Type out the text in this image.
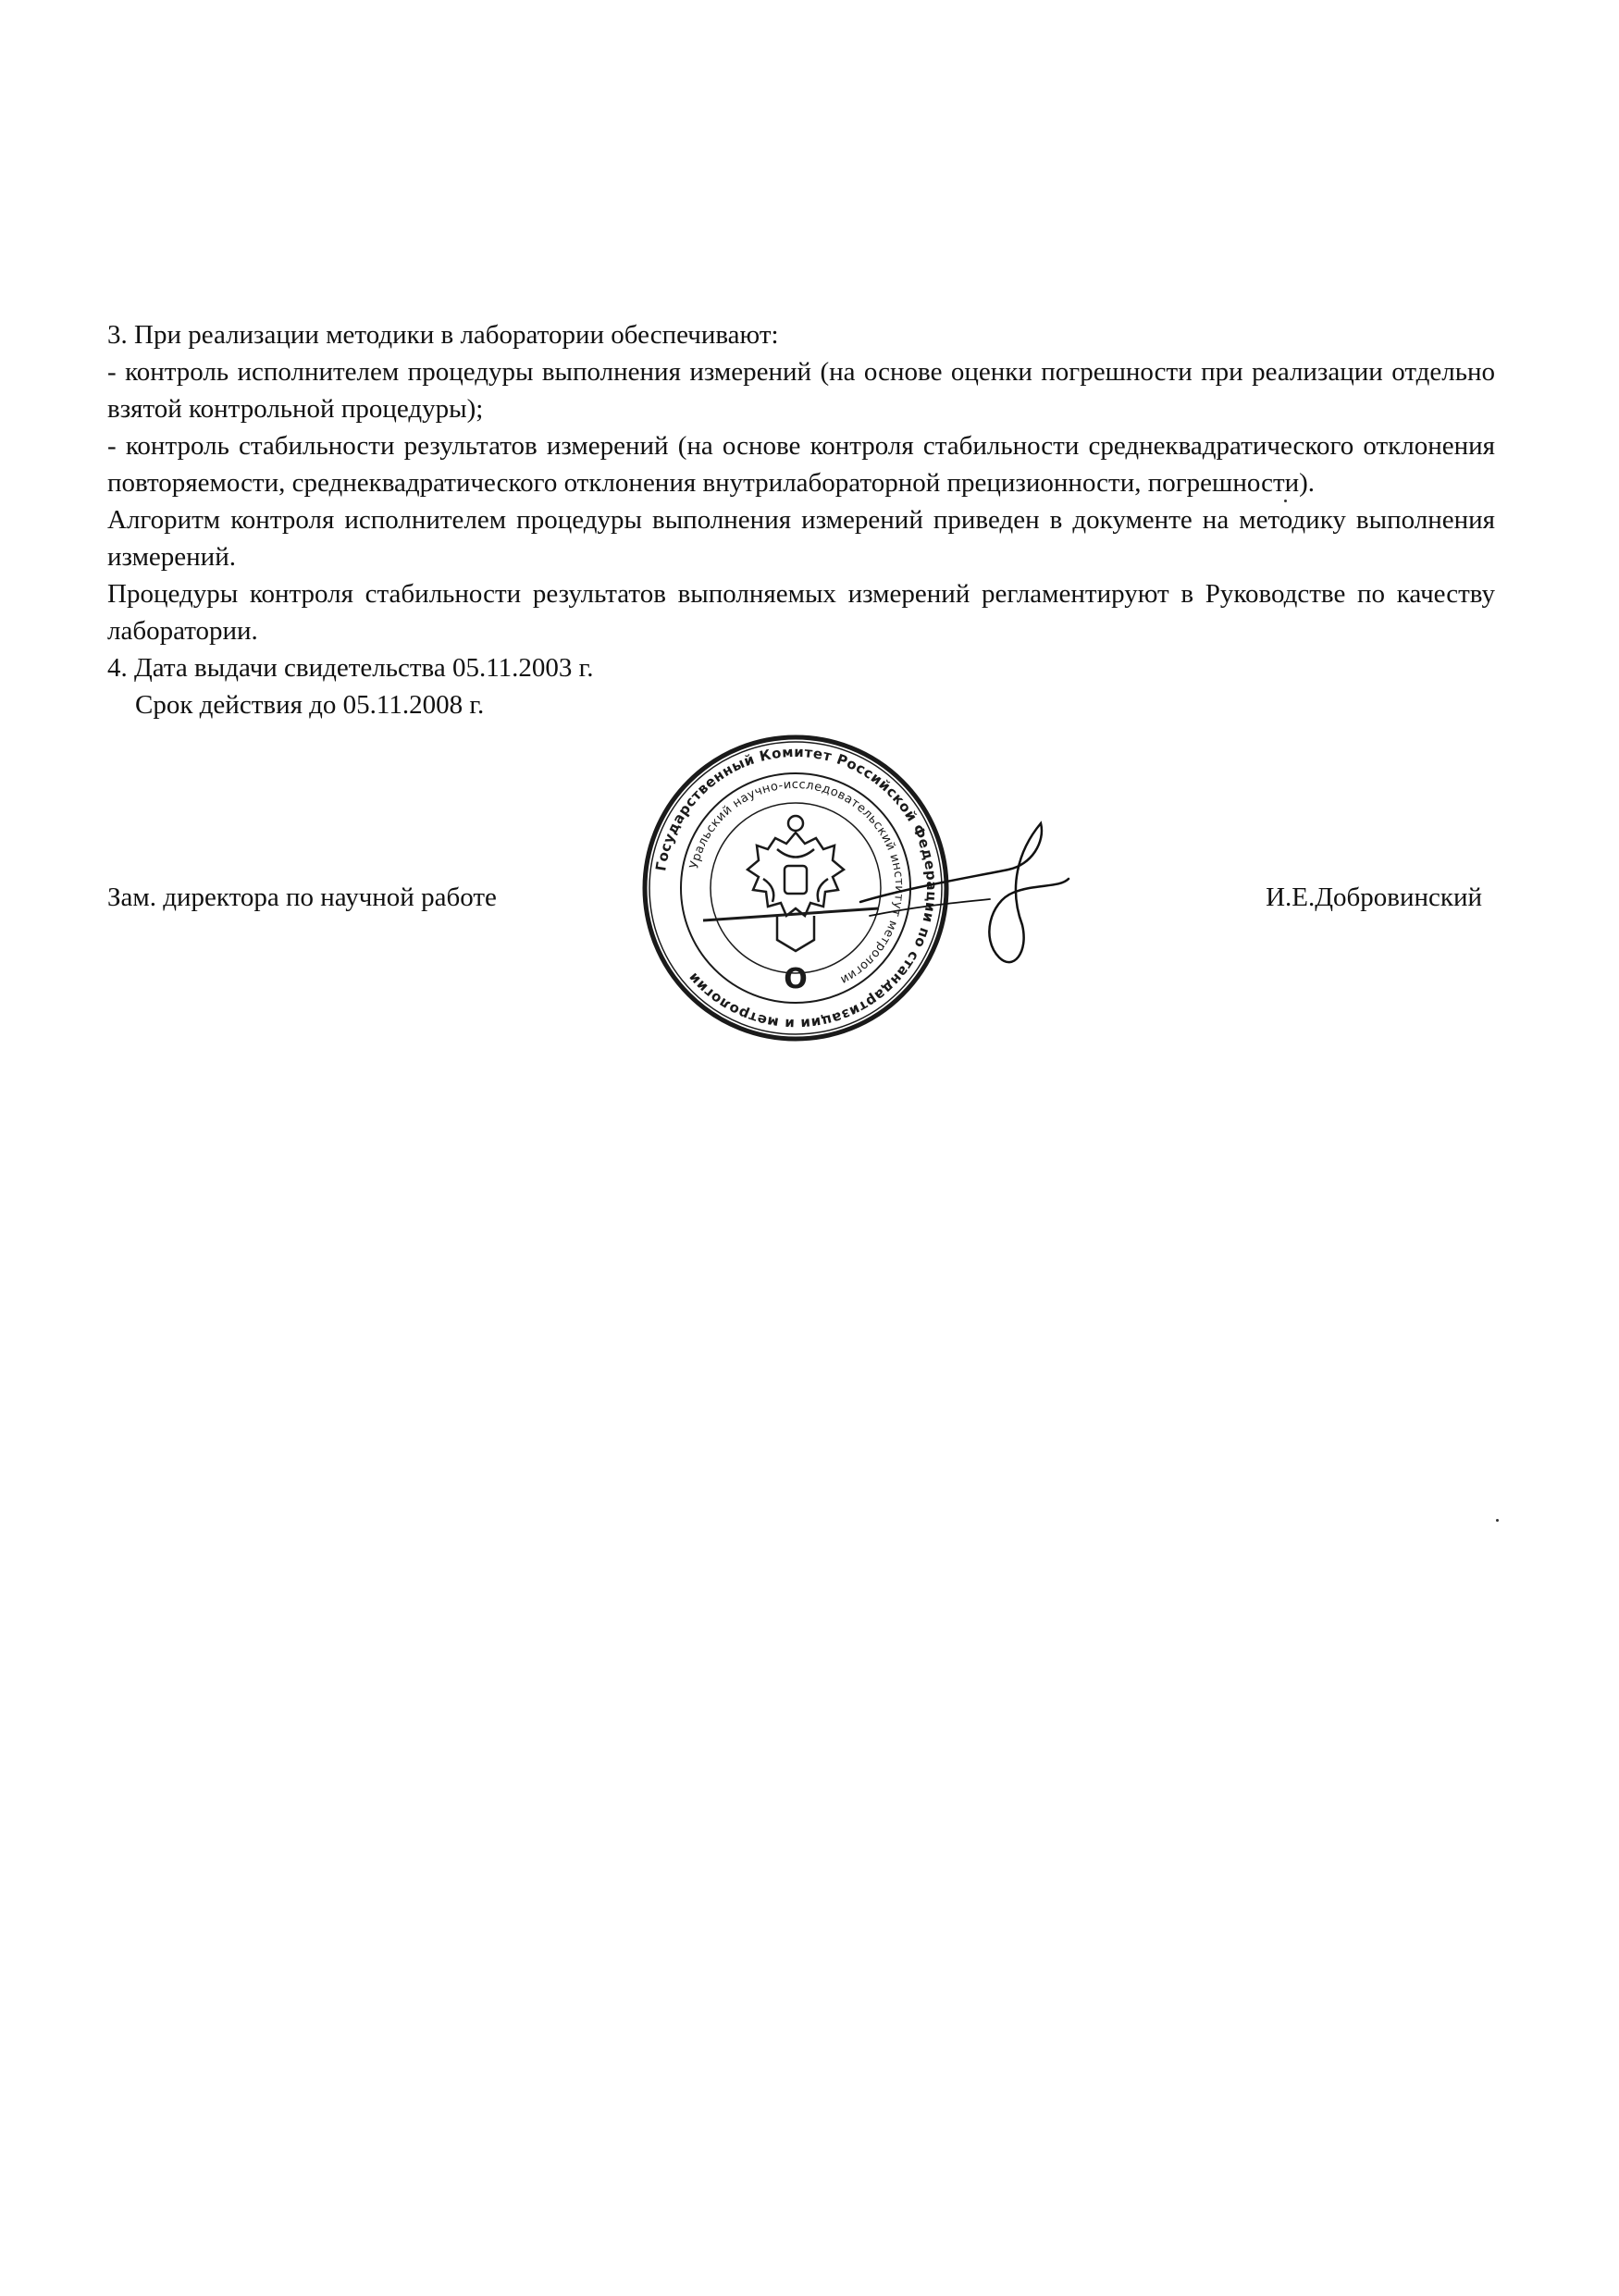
3. При реализации методики в лаборатории обеспечивают:

- контроль исполнителем процедуры выполнения измерений (на основе оценки погрешности при реализации отдельно взятой контрольной процедуры);

- контроль стабильности результатов измерений (на основе контроля стабильности среднеквадратического отклонения повторяемости, среднеквадратического отклонения внутрилабораторной прецизионности, погрешности).

Алгоритм контроля исполнителем процедуры выполнения измерений приведен в документе на методику выполнения измерений.

Процедуры контроля стабильности результатов выполняемых измерений регламентируют в Руководстве по качеству лаборатории.

4. Дата выдачи свидетельства 05.11.2003 г.

Срок действия до 05.11.2008 г.

Государственный Комитет Российской Федерации по стандартизации и метрологии
Уральский научно-исследовательский институт метрологии
О
Зам. директора по научной работе	И.Е.Добровинский
